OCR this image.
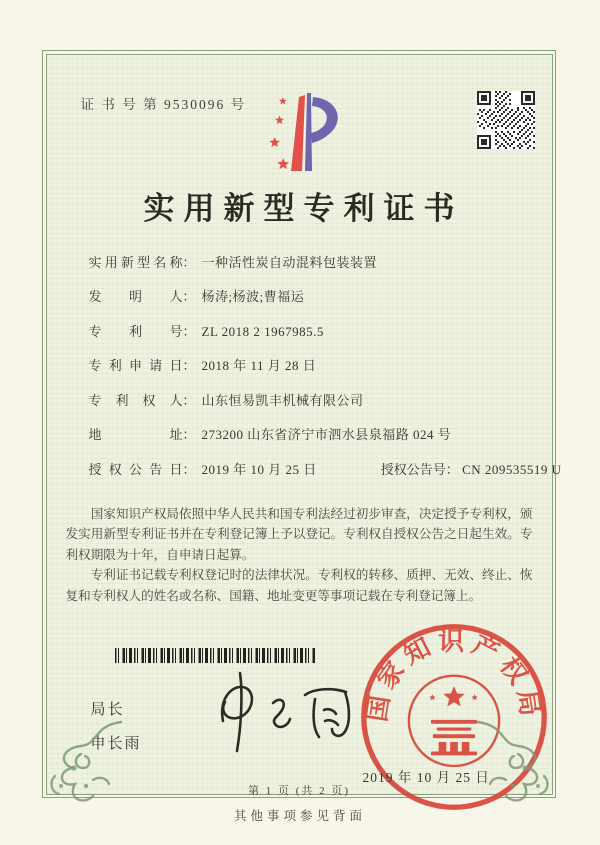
证 书 号 第 9530096 号
实用新型专利证书
实用新型名称： 一种活性炭自动混料包装装置
发明人： 杨涛;杨波;曹福运
专利号： ZL 2018 2 1967985.5
专利申请日： 2018 年 11 月 28 日
专利权人： 山东恒易凯丰机械有限公司
地址： 273200 山东省济宁市泗水县泉福路 024 号
授权公告日： 2019 年 10 月 25 日	授权公告号： CN 209535519 U

国家知识产权局依照中华人民共和国专利法经过初步审查，决定授予专利权，颁发实用新型专利证书并在专利登记簿上予以登记。专利权自授权公告之日起生效。专利权期限为十年，自申请日起算。

专利证书记载专利权登记时的法律状况。专利权的转移、质押、无效、终止、恢复和专利权人的姓名或名称、国籍、地址变更等事项记载在专利登记簿上。

局长
申长雨
国家知识产权局
2019 年 10 月 25 日
第 1 页 (共 2 页)
其他事项参见背面
